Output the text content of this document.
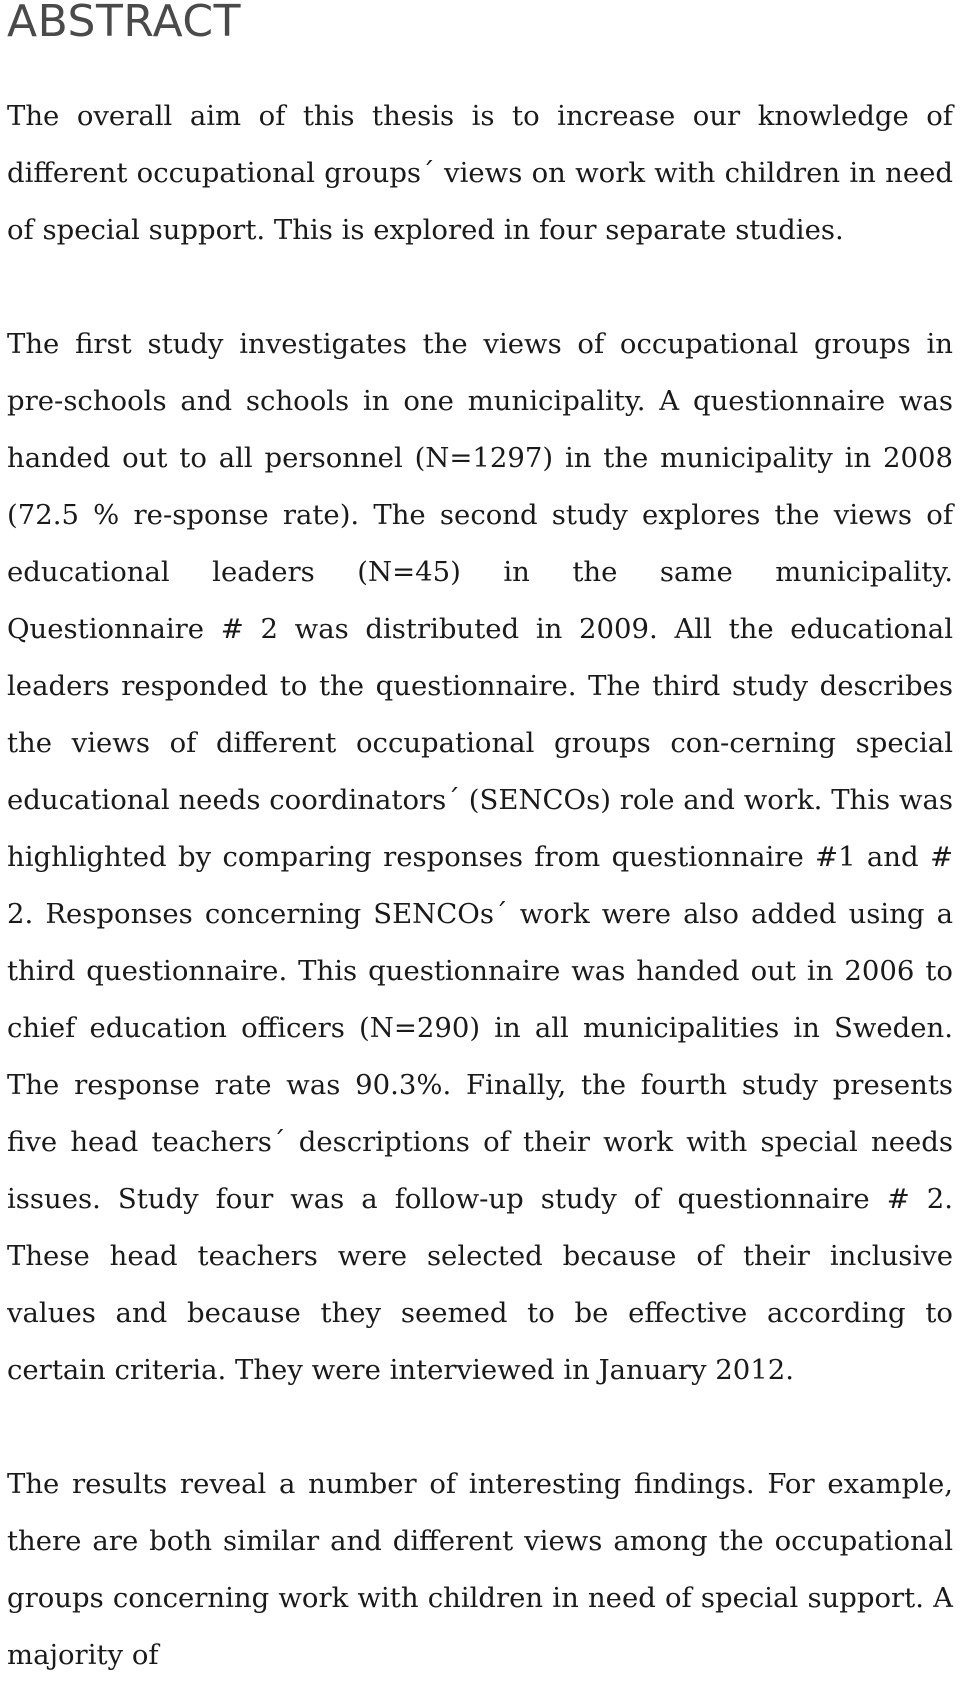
ABSTRACT

The overall aim of this thesis is to increase our knowledge of different occupational groups´ views on work with children in need of special support. This is explored in four separate studies.

The first study investigates the views of occupational groups in pre-schools and schools in one municipality. A questionnaire was handed out to all personnel (N=1297) in the municipality in 2008 (72.5 % re-sponse rate). The second study explores the views of educational leaders (N=45) in the same municipality. Questionnaire # 2 was distributed in 2009. All the educational leaders responded to the questionnaire. The third study describes the views of different occupational groups con-cerning special educational needs coordinators´ (SENCOs) role and work. This was highlighted by comparing responses from questionnaire #1 and # 2. Responses concerning SENCOs´ work were also added using a third questionnaire. This questionnaire was handed out in 2006 to chief education officers (N=290) in all municipalities in Sweden. The response rate was 90.3%. Finally, the fourth study presents five head teachers´ descriptions of their work with special needs issues. Study four was a follow-up study of questionnaire # 2. These head teachers were selected because of their inclusive values and because they seemed to be effective according to certain criteria. They were interviewed in January 2012.

The results reveal a number of interesting findings. For example, there are both similar and different views among the occupational groups concerning work with children in need of special support. A majority of
